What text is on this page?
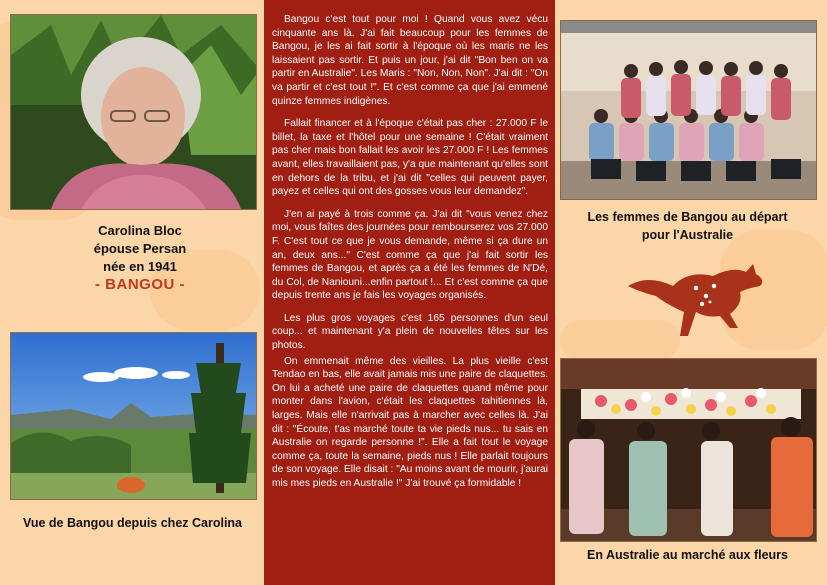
Carolina Bloc
épouse Persan
née en 1941
- BANGOU -
Vue de Bangou depuis chez Carolina

Bangou c'est tout pour moi ! Quand vous avez vécu cinquante ans là. J'ai fait beaucoup pour les femmes de Bangou, je les ai fait sortir à l'époque où les maris ne les laissaient pas sortir. Et puis un jour, j'ai dit "Bon ben on va partir en Australie". Les Maris : "Non, Non, Non". J'ai dit : "On va partir et c'est tout !". Et c'est comme ça que j'ai emmené quinze femmes indigènes.

Fallait financer et à l'époque c'était pas cher : 27.000 F le billet, la taxe et l'hôtel pour une semaine ! C'était vraiment pas cher mais bon fallait les avoir les 27.000 F ! Les femmes avant, elles travaillaient pas, y'a que maintenant qu'elles sont en dehors de la tribu, et j'ai dit "celles qui peuvent payer, payez et celles qui ont des gosses vous leur demandez".

J'en ai payé à trois comme ça. J'ai dit "vous venez chez moi, vous faîtes des journées pour rembourserez vos 27.000 F. C'est tout ce que je vous demande, même si ça dure un an, deux ans..." C'est comme ça que j'ai fait sortir les femmes de Bangou, et après ça a été les femmes de N'Dé, du Col, de Naniouni...enfin partout !... Et c'est comme ça que depuis trente ans je fais les voyages organisés.

Les plus gros voyages c'est 165 personnes d'un seul coup... et maintenant y'a plein de nouvelles têtes sur les photos.

On emmenait même des vieilles. La plus vieille c'est Tendao en bas, elle avait jamais mis une paire de claquettes. On lui a acheté une paire de claquettes quand même pour monter dans l'avion, c'était les claquettes tahitiennes là, larges. Mais elle n'arrivait pas à marcher avec celles là. J'ai dit : "Écoute, t'as marché toute ta vie pieds nus... tu sais en Australie on regarde personne !". Elle a fait tout le voyage comme ça, toute la semaine, pieds nus ! Elle parlait toujours de son voyage. Elle disait : "Au moins avant de mourir, j'aurai mis mes pieds en Australie !" J'ai trouvé ça formidable !

Les femmes de Bangou au départ
pour l'Australie
En Australie au marché aux fleurs
